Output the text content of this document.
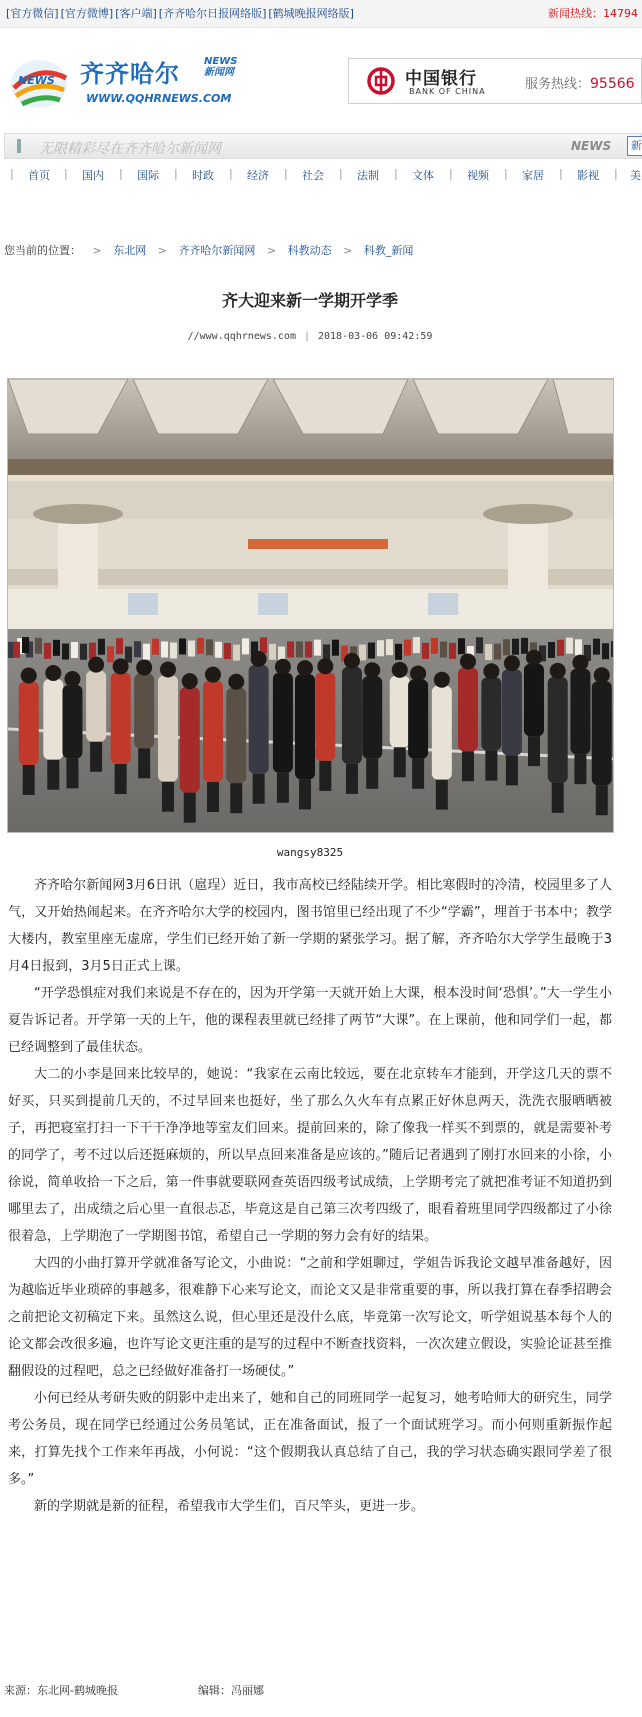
[官方微信] [官方微博] [客户端] [齐齐哈尔日报网络版] [鹤城晚报网络版]	新闻热线：14794
NEWS 齐齐哈尔 NEWS
新闻网
WWW.QQHRNEWS.COM
中国银行
BANK OF CHINA	服务热线：95566
无限精彩尽在齐齐哈尔新闻网	NEWS	新
| 首页 | 国内 | 国际 | 时政 | 经济 | 社会 | 法制 | 文体 | 视频 | 家居 | 影视 | 美
您当前的位置： > 东北网 > 齐齐哈尔新闻网 > 科教动态 > 科教_新闻
齐大迎来新一学期开学季
//www.qqhrnews.com | 2018-03-06 09:42:59
wangsy8325

齐齐哈尔新闻网3月6日讯（扈珵）近日，我市高校已经陆续开学。相比寒假时的冷清，校园里多了人气，又开始热闹起来。在齐齐哈尔大学的校园内，图书馆里已经出现了不少“学霸”，埋首于书本中；教学大楼内，教室里座无虚席，学生们已经开始了新一学期的紧张学习。据了解，齐齐哈尔大学学生最晚于3月4日报到，3月5日正式上课。

“开学恐惧症对我们来说是不存在的，因为开学第一天就开始上大课，根本没时间‘恐惧’。”大一学生小夏告诉记者。开学第一天的上午，他的课程表里就已经排了两节“大课”。在上课前，他和同学们一起，都已经调整到了最佳状态。

大二的小李是回来比较早的，她说：“我家在云南比较远，要在北京转车才能到，开学这几天的票不好买，只买到提前几天的，不过早回来也挺好，坐了那么久火车有点累正好休息两天，洗洗衣服晒晒被子，再把寝室打扫一下干干净净地等室友们回来。提前回来的，除了像我一样买不到票的，就是需要补考的同学了，考不过以后还挺麻烦的，所以早点回来准备是应该的。”随后记者遇到了刚打水回来的小徐，小徐说，简单收拾一下之后，第一件事就要联网查英语四级考试成绩，上学期考完了就把准考证不知道扔到哪里去了，出成绩之后心里一直很忐忑，毕竟这是自己第三次考四级了，眼看着班里同学四级都过了小徐很着急，上学期泡了一学期图书馆，希望自己一学期的努力会有好的结果。

大四的小曲打算开学就准备写论文，小曲说：“之前和学姐聊过，学姐告诉我论文越早准备越好，因为越临近毕业琐碎的事越多，很难静下心来写论文，而论文又是非常重要的事，所以我打算在春季招聘会之前把论文初稿定下来。虽然这么说，但心里还是没什么底，毕竟第一次写论文，听学姐说基本每个人的论文都会改很多遍，也许写论文更注重的是写的过程中不断查找资料，一次次建立假设，实验论证甚至推翻假设的过程吧，总之已经做好准备打一场硬仗。”

小何已经从考研失败的阴影中走出来了，她和自己的同班同学一起复习，她考哈师大的研究生，同学考公务员，现在同学已经通过公务员笔试，正在准备面试，报了一个面试班学习。而小何则重新振作起来，打算先找个工作来年再战，小何说：“这个假期我认真总结了自己，我的学习状态确实跟同学差了很多。”

新的学期就是新的征程，希望我市大学生们，百尺竿头，更进一步。

来源：东北网-鹤城晚报	编辑：冯丽娜
